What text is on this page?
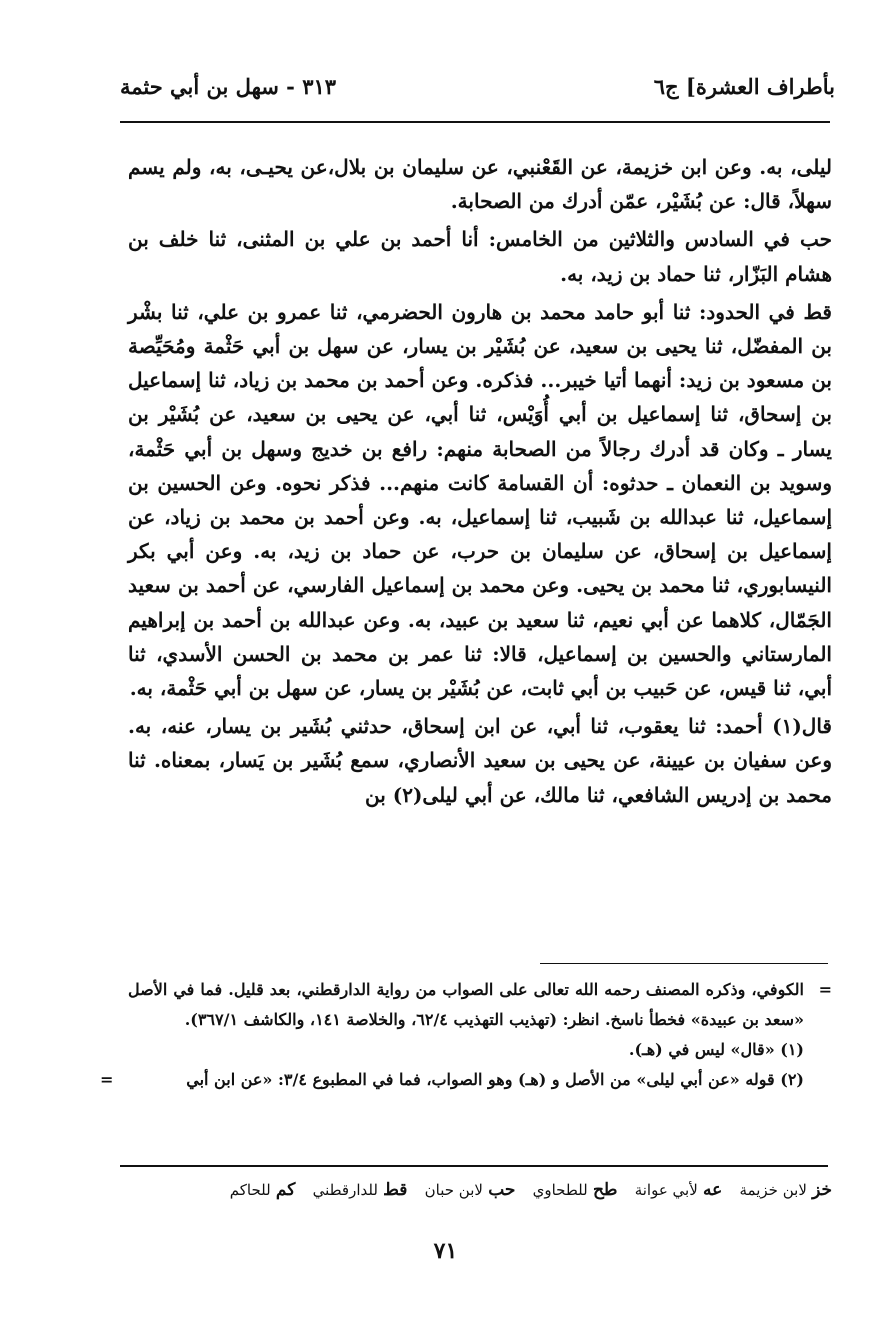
بأطراف العشرة] ج٦
٣١٣ - سهل بن أبي حثمة

ليلى، به. وعن ابن خزيمة، عن القَعْنبي، عن سليمان بن بلال،عن يحيـى، به، ولم يسم سهلاً، قال: عن بُشَيْر، عمّن أدرك من الصحابة.

حب في السادس والثلاثين من الخامس: أنا أحمد بن علي بن المثنى، ثنا خلف بن هشام البَزّار، ثنا حماد بن زيد، به.

قط في الحدود: ثنا أبو حامد محمد بن هارون الحضرمي، ثنا عمرو بن علي، ثنا بشْر بن المفضّل، ثنا يحيى بن سعيد، عن بُشَيْر بن يسار، عن سهل بن أبي حَثْمة ومُحَيِّصة بن مسعود بن زيد: أنهما أتيا خيبر... فذكره. وعن أحمد بن محمد بن زياد، ثنا إسماعيل بن إسحاق، ثنا إسماعيل بن أبي أُوَيْس، ثنا أبي، عن يحيى بن سعيد، عن بُشَيْر بن يسار ـ وكان قد أدرك رجالاً من الصحابة منهم: رافع بن خديج وسهل بن أبي حَثْمة، وسويد بن النعمان ـ حدثوه: أن القسامة كانت منهم... فذكر نحوه. وعن الحسين بن إسماعيل، ثنا عبدالله بن شَبيب، ثنا إسماعيل، به. وعن أحمد بن محمد بن زياد، عن إسماعيل بن إسحاق، عن سليمان بن حرب، عن حماد بن زيد، به. وعن أبي بكر النيسابوري، ثنا محمد بن يحيى. وعن محمد بن إسماعيل الفارسي، عن أحمد بن سعيد الجَمّال، كلاهما عن أبي نعيم، ثنا سعيد بن عبيد، به. وعن عبدالله بن أحمد بن إبراهيم المارستاني والحسين بن إسماعيل، قالا: ثنا عمر بن محمد بن الحسن الأسدي، ثنا أبي، ثنا قيس، عن حَبيب بن أبي ثابت، عن بُشَيْر بن يسار، عن سهل بن أبي حَثْمة، به.

قال(١) أحمد: ثنا يعقوب، ثنا أبي، عن ابن إسحاق، حدثني بُشَير بن يسار، عنه، به. وعن سفيان بن عيينة، عن يحيى بن سعيد الأنصاري، سمع بُشَير بن يَسار، بمعناه. ثنا محمد بن إدريس الشافعي، ثنا مالك، عن أبي ليلى(٢) بن

=
الكوفي، وذكره المصنف رحمه الله تعالى على الصواب من رواية الدارقطني، بعد قليل. فما في الأصل «سعد بن عبيدة» فخطأ ناسخ. انظر: (تهذيب التهذيب ٦٢/٤، والخلاصة ١٤١، والكاشف ٣٦٧/١).
(١) «قال» ليس في (هـ).
(٢) قوله «عن أبي ليلى» من الأصل و (هـ) وهو الصواب، فما في المطبوع ٣/٤: «عن ابن أبي
=
خز لابن خزيمة عه لأبي عوانة طح للطحاوي حب لابن حبان قط للدارقطني كم للحاكم
٧١
